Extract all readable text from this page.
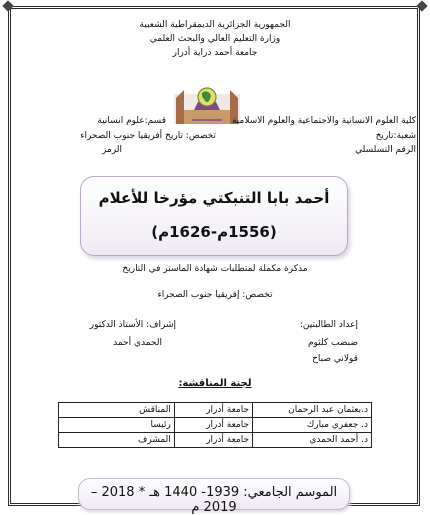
الجمهورية الجزائرية الديمقراطية الشعبية
وزارة التعليم العالي والبحث العلمي
جامعة أحمد دراية أدرار
كلية العلوم الانسانية والاجتماعية والعلوم الاسلامية
قسم:علوم انسانية
شعبة:تاريخ
تخصص: تاريخ أفريقيا جنوب الصحراء
الرقم التسلسلي
الرمز
أحمد بابا التنبكتي مؤرخا للأعلام
(1556م-1626م)
مذكرة مكملة لمتطلبات شهادة الماستر في التاريخ
تخصص: إفريقيا جنوب الصحراء
إعداد الطالبتين:
ضبضب كلثوم
قولاني صباح
إشراف: الأستاذ الدكتور
الحمدي أحمد
لجنة المناقشة:
د.بعثمان عبد الرحمان	جامعة أدرار	المناقش
د. جعفري مبارك	جامعة أدرار	رئيسا
د. أحمد الحمدي	جامعة أدرار	المشرف
الموسم الجامعي: 1939- 1440 هـ * 2018 – 2019 م
